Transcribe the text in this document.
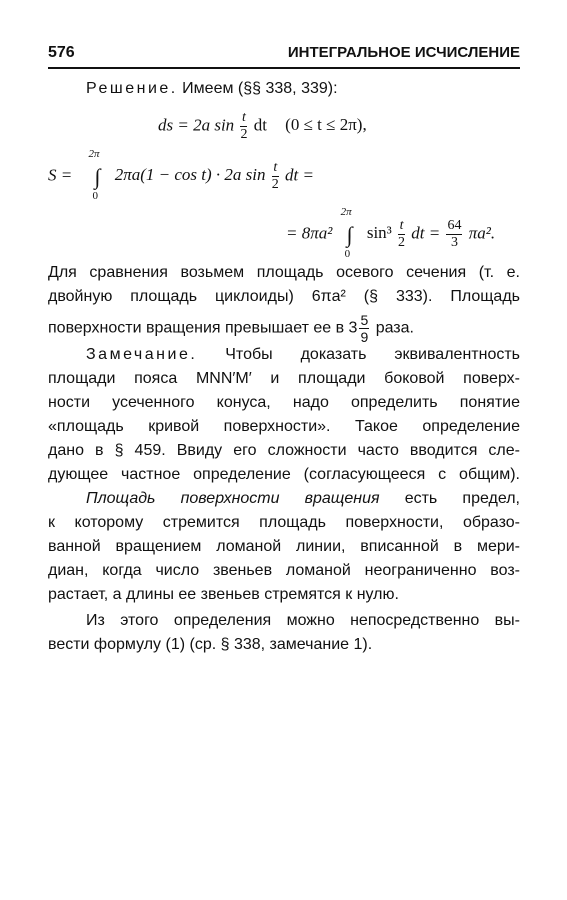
576	ИНТЕГРАЛЬНОЕ ИСЧИСЛЕНИЕ
Решение. Имеем (§§ 338, 339):
ds = 2a $\sin \frac{t}{2}$ dt (0 ≤ t ≤ 2π),
S = ∫
2π
0
2πa(1 − cos t) · 2a $\sin \frac{t}{2}$ dt =
= 8πa² ∫
2π
0
$\sin^3 \frac{t}{2}$ dt = $\frac{64}{3} \pi a^2$.
Для сравнения возьмем площадь осевого сечения (т. е.
двойную площадь циклоиды) 6πa² (§ 333). Площадь
поверхности вращения превышает ее в $3 \frac{5}{9}$ раза.
Замечание. Чтобы доказать эквивалентность
площади пояса MNN′M′ и площади боковой поверх-
ности усеченного конуса, надо определить понятие
«площадь кривой поверхности». Такое определение
дано в § 459. Ввиду его сложности часто вводится сле-
дующее частное определение (согласующееся с общим).
Площадь поверхности вращения есть предел,
к которому стремится площадь поверхности, образо-
ванной вращением ломаной линии, вписанной в мери-
диан, когда число звеньев ломаной неограниченно воз-
растает, а длины ее звеньев стремятся к нулю.
Из этого определения можно непосредственно вы-
вести формулу (1) (ср. § 338, замечание 1).
